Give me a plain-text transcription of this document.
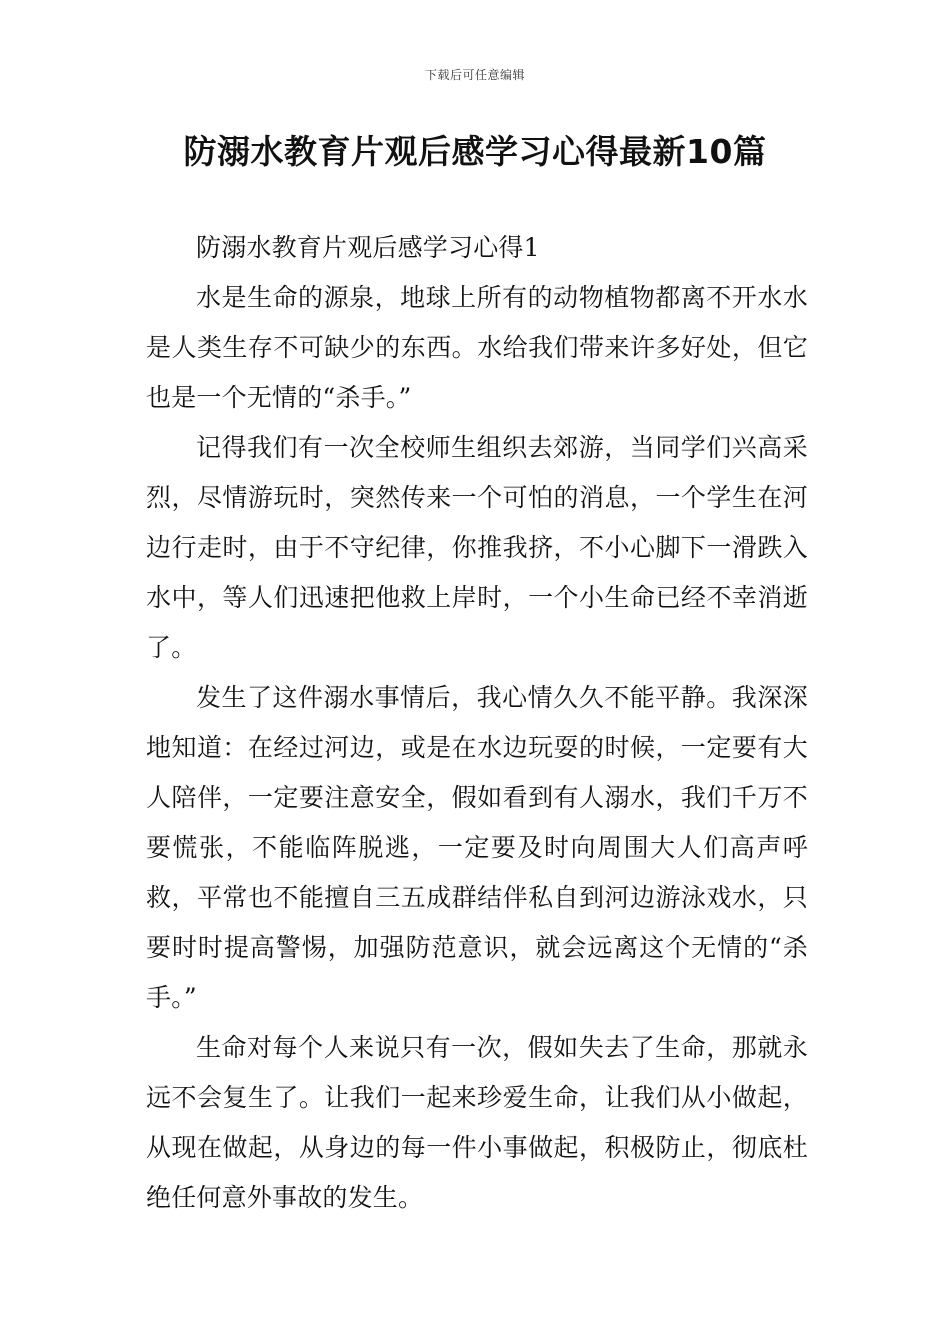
下载后可任意编辑
防溺水教育片观后感学习心得最新10篇

防溺水教育片观后感学习心得1

水是生命的源泉，地球上所有的动物植物都离不开水水是人类生存不可缺少的东西。水给我们带来许多好处，但它也是一个无情的“杀手。”

记得我们有一次全校师生组织去郊游，当同学们兴高采烈，尽情游玩时，突然传来一个可怕的消息，一个学生在河边行走时，由于不守纪律，你推我挤，不小心脚下一滑跌入水中，等人们迅速把他救上岸时，一个小生命已经不幸消逝了。

发生了这件溺水事情后，我心情久久不能平静。我深深地知道：在经过河边，或是在水边玩耍的时候，一定要有大人陪伴，一定要注意安全，假如看到有人溺水，我们千万不要慌张，不能临阵脱逃，一定要及时向周围大人们高声呼救，平常也不能擅自三五成群结伴私自到河边游泳戏水，只要时时提高警惕，加强防范意识，就会远离这个无情的“杀手。”

生命对每个人来说只有一次，假如失去了生命，那就永远不会复生了。让我们一起来珍爱生命，让我们从小做起，从现在做起，从身边的每一件小事做起，积极防止，彻底杜绝任何意外事故的发生。
